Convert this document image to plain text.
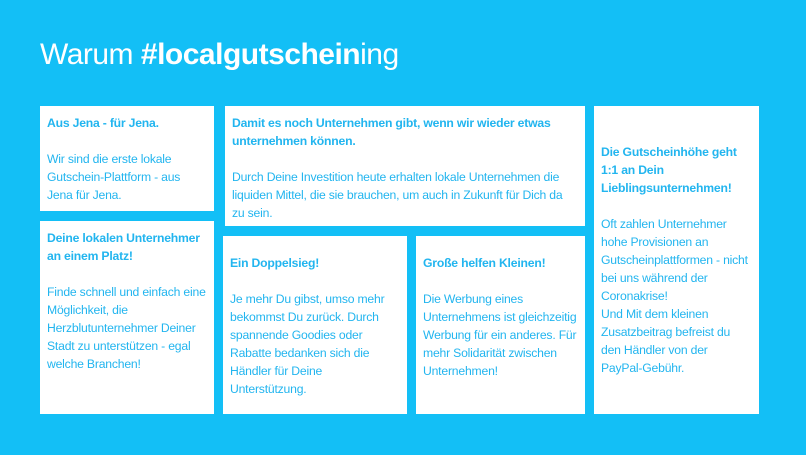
Warum #localgutscheining
Aus Jena - für Jena.

Wir sind die erste lokale Gutschein-Plattform - aus Jena für Jena.

Damit es noch Unternehmen gibt, wenn wir wieder etwas unternehmen können.

Durch Deine Investition heute erhalten lokale Unternehmen die liquiden Mittel, die sie brauchen, um auch in Zukunft für Dich da zu sein.

Deine lokalen Unternehmer an einem Platz!

Finde schnell und einfach eine Möglichkeit, die Herzblutunternehmer Deiner Stadt zu unterstützen - egal welche Branchen!

Ein Doppelsieg!

Je mehr Du gibst, umso mehr bekommst Du zurück. Durch spannende Goodies oder Rabatte bedanken sich die Händler für Deine Unterstützung.

Große helfen Kleinen!

Die Werbung eines Unternehmens ist gleichzeitig Werbung für ein anderes. Für mehr Solidarität zwischen Unternehmen!

Die Gutscheinhöhe geht 1:1 an Dein Lieblingsunternehmen!

Oft zahlen Unternehmer hohe Provisionen an Gutscheinplattformen - nicht bei uns während der Coronakrise!
Und Mit dem kleinen Zusatzbeitrag befreist du den Händler von der PayPal-Gebühr.
